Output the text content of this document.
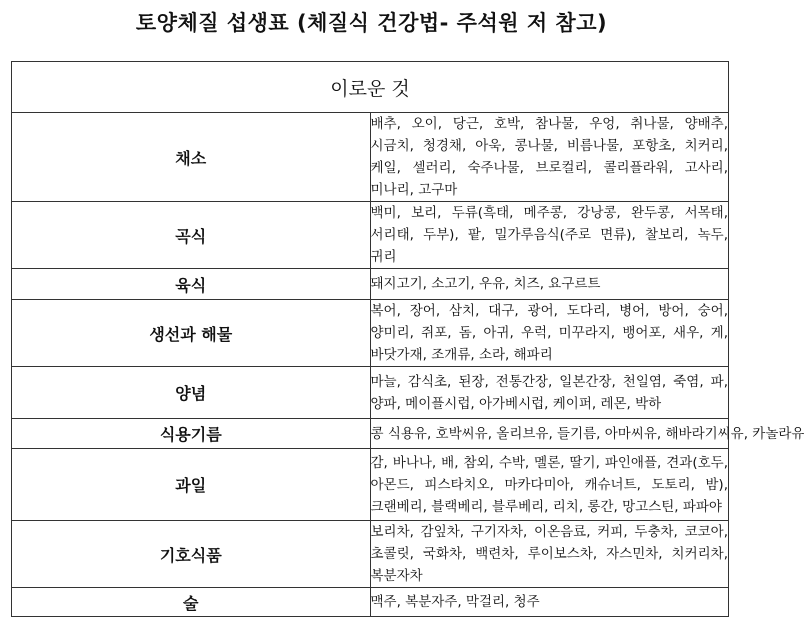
토양체질 섭생표 (체질식 건강법- 주석원 저 참고)
이로운 것	
채소	배추, 오이, 당근, 호박, 참나물, 우엉, 취나물, 양배추, 시금치, 청경채, 아욱, 콩나물, 비름나물, 포항초, 치커리, 케일, 셀러리, 숙주나물, 브로컬리, 콜리플라워, 고사리, 미나리, 고구마
곡식	백미, 보리, 두류(흑태, 메주콩, 강낭콩, 완두콩, 서목태, 서리태, 두부), 팥, 밀가루음식(주로 면류), 찰보리, 녹두, 귀리
육식	돼지고기, 소고기, 우유, 치즈, 요구르트
생선과 해물	복어, 장어, 삼치, 대구, 광어, 도다리, 병어, 방어, 숭어, 양미리, 쥐포, 돔, 아귀, 우럭, 미꾸라지, 뱅어포, 새우, 게, 바닷가재, 조개류, 소라, 해파리
양념	마늘, 감식초, 된장, 전통간장, 일본간장, 천일염, 죽염, 파, 양파, 메이플시럽, 아가베시럽, 케이퍼, 레몬, 박하
식용기름	콩 식용유, 호박씨유, 올리브유, 들기름, 아마씨유, 해바라기씨유, 카놀라유
과일	감, 바나나, 배, 참외, 수박, 멜론, 딸기, 파인애플, 견과(호두, 아몬드, 피스타치오, 마카다미아, 캐슈너트, 도토리, 밤), 크랜베리, 블랙베리, 블루베리, 리치, 롱간, 망고스틴, 파파야
기호식품	보리차, 감잎차, 구기자차, 이온음료, 커피, 두충차, 코코아, 초콜릿, 국화차, 백련차, 루이보스차, 자스민차, 치커리차, 복분자차
술	맥주, 복분자주, 막걸리, 청주
